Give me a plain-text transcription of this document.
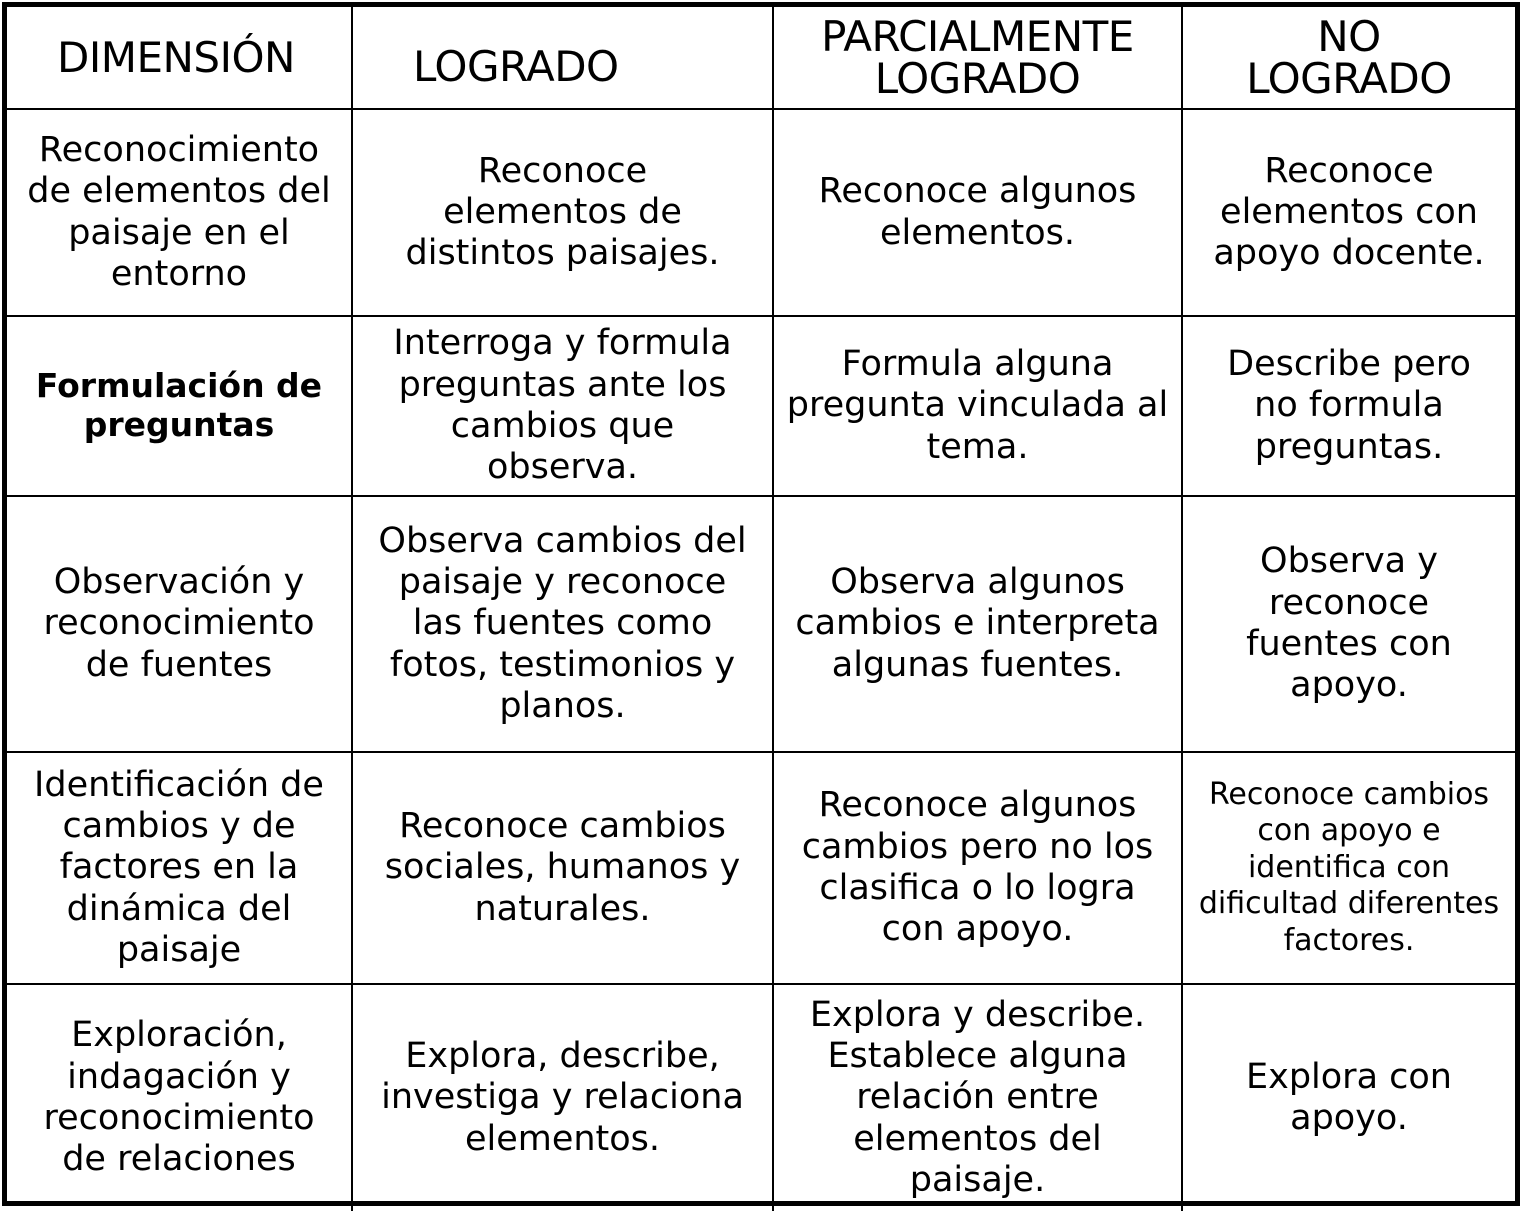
DIMENSIÓN	LOGRADO	PARCIALMENTE
LOGRADO	NO
LOGRADO

Reconocimiento
de elementos del
paisaje en el
entorno	Reconoce
elementos de
distintos paisajes.	Reconoce algunos
elementos.	Reconoce
elementos con
apoyo docente.

Formulación de
preguntas	Interroga y formula
preguntas ante los
cambios que
observa.	Formula alguna
pregunta vinculada al
tema.	Describe pero
no formula
preguntas.

Observación y
reconocimiento
de fuentes	Observa cambios del
paisaje y reconoce
las fuentes como
fotos, testimonios y
planos.	Observa algunos
cambios e interpreta
algunas fuentes.	Observa y
reconoce
fuentes con
apoyo.

Identificación de
cambios y de
factores en la
dinámica del
paisaje	Reconoce cambios
sociales, humanos y
naturales.	Reconoce algunos
cambios pero no los
clasifica o lo logra
con apoyo.	Reconoce cambios
con apoyo e
identifica con
dificultad diferentes
factores.

Exploración,
indagación y
reconocimiento
de relaciones	Explora, describe,
investiga y relaciona
elementos.	Explora y describe.
Establece alguna
relación entre
elementos del
paisaje.	Explora con
apoyo.
